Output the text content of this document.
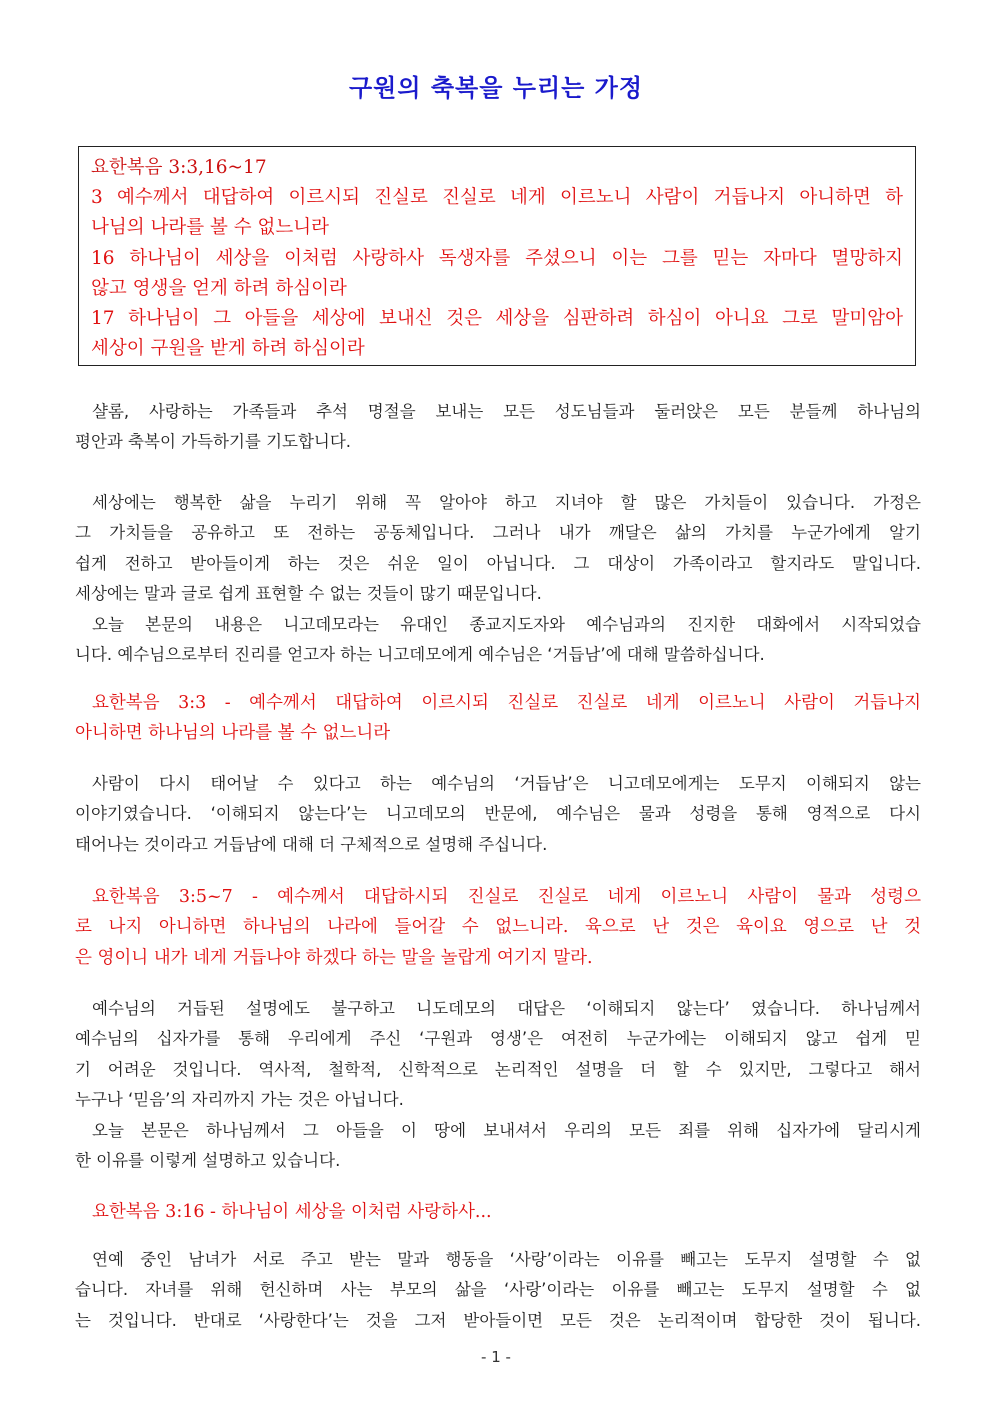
구원의 축복을 누리는 가정
요한복음 3:3,16~17
3 예수께서 대답하여 이르시되 진실로 진실로 네게 이르노니 사람이 거듭나지 아니하면 하
나님의 나라를 볼 수 없느니라
16 하나님이 세상을 이처럼 사랑하사 독생자를 주셨으니 이는 그를 믿는 자마다 멸망하지
않고 영생을 얻게 하려 하심이라
17 하나님이 그 아들을 세상에 보내신 것은 세상을 심판하려 하심이 아니요 그로 말미암아
세상이 구원을 받게 하려 하심이라
샬롬, 사랑하는 가족들과 추석 명절을 보내는 모든 성도님들과 둘러앉은 모든 분들께 하나님의
평안과 축복이 가득하기를 기도합니다.
세상에는 행복한 삶을 누리기 위해 꼭 알아야 하고 지녀야 할 많은 가치들이 있습니다. 가정은
그 가치들을 공유하고 또 전하는 공동체입니다. 그러나 내가 깨달은 삶의 가치를 누군가에게 알기
쉽게 전하고 받아들이게 하는 것은 쉬운 일이 아닙니다. 그 대상이 가족이라고 할지라도 말입니다.
세상에는 말과 글로 쉽게 표현할 수 없는 것들이 많기 때문입니다.
오늘 본문의 내용은 니고데모라는 유대인 종교지도자와 예수님과의 진지한 대화에서 시작되었습
니다. 예수님으로부터 진리를 얻고자 하는 니고데모에게 예수님은 ‘거듭남’에 대해 말씀하십니다.
요한복음 3:3 - 예수께서 대답하여 이르시되 진실로 진실로 네게 이르노니 사람이 거듭나지
아니하면 하나님의 나라를 볼 수 없느니라
사람이 다시 태어날 수 있다고 하는 예수님의 ‘거듭남’은 니고데모에게는 도무지 이해되지 않는
이야기였습니다. ‘이해되지 않는다’는 니고데모의 반문에, 예수님은 물과 성령을 통해 영적으로 다시
태어나는 것이라고 거듭남에 대해 더 구체적으로 설명해 주십니다.
요한복음 3:5~7 - 예수께서 대답하시되 진실로 진실로 네게 이르노니 사람이 물과 성령으
로 나지 아니하면 하나님의 나라에 들어갈 수 없느니라. 육으로 난 것은 육이요 영으로 난 것
은 영이니 내가 네게 거듭나야 하겠다 하는 말을 놀랍게 여기지 말라.
예수님의 거듭된 설명에도 불구하고 니도데모의 대답은 ‘이해되지 않는다’ 였습니다. 하나님께서
예수님의 십자가를 통해 우리에게 주신 ‘구원과 영생’은 여전히 누군가에는 이해되지 않고 쉽게 믿
기 어려운 것입니다. 역사적, 철학적, 신학적으로 논리적인 설명을 더 할 수 있지만, 그렇다고 해서
누구나 ‘믿음’의 자리까지 가는 것은 아닙니다.
오늘 본문은 하나님께서 그 아들을 이 땅에 보내셔서 우리의 모든 죄를 위해 십자가에 달리시게
한 이유를 이렇게 설명하고 있습니다.
요한복음 3:16 - 하나님이 세상을 이처럼 사랑하사...
연예 중인 남녀가 서로 주고 받는 말과 행동을 ‘사랑’이라는 이유를 빼고는 도무지 설명할 수 없
습니다. 자녀를 위해 헌신하며 사는 부모의 삶을 ‘사랑’이라는 이유를 빼고는 도무지 설명할 수 없
는 것입니다. 반대로 ‘사랑한다’는 것을 그저 받아들이면 모든 것은 논리적이며 합당한 것이 됩니다.
- 1 -
